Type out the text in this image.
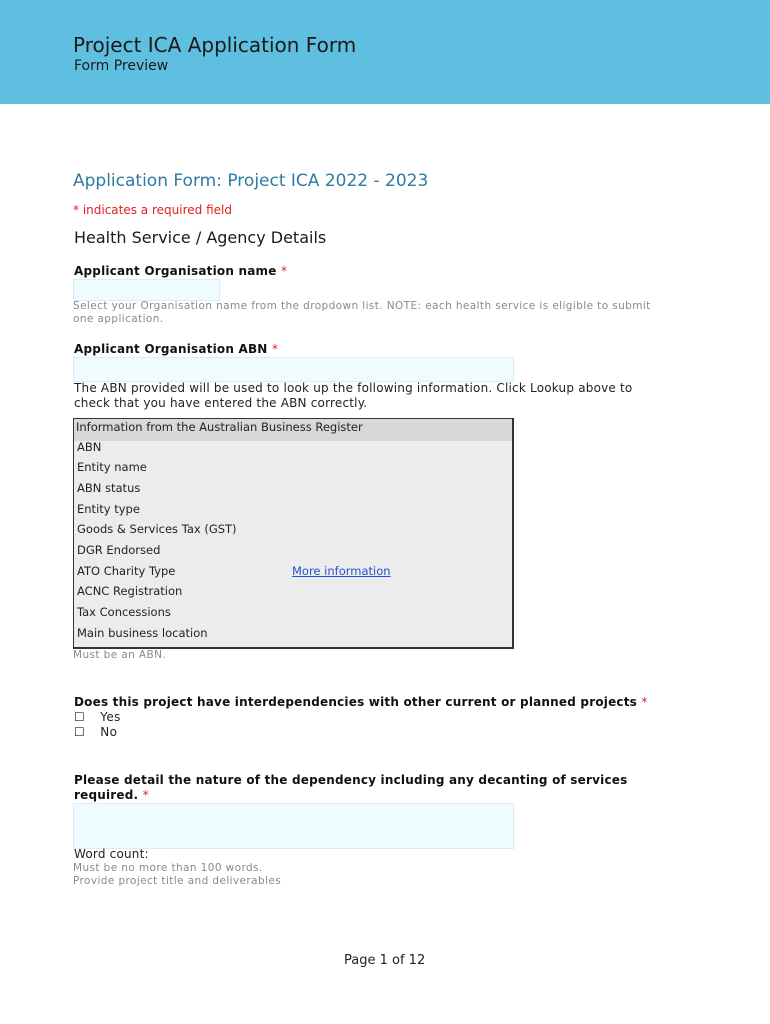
Project ICA Application Form
Form Preview
Application Form: Project ICA 2022 - 2023
* indicates a required field
Health Service / Agency Details
Applicant Organisation name *
Select your Organisation name from the dropdown list. NOTE: each health service is eligible to submit
one application.
Applicant Organisation ABN *
The ABN provided will be used to look up the following information. Click Lookup above to
check that you have entered the ABN correctly.
Information from the Australian Business Register
ABN
Entity name
ABN status
Entity type
Goods & Services Tax (GST)
DGR Endorsed
ATO Charity Type	More information
ACNC Registration
Tax Concessions
Main business location
Must be an ABN.
Does this project have interdependencies with other current or planned projects *
☐ Yes
☐ No
Please detail the nature of the dependency including any decanting of services
required. *
Word count:
Must be no more than 100 words.
Provide project title and deliverables
Page 1 of 12
